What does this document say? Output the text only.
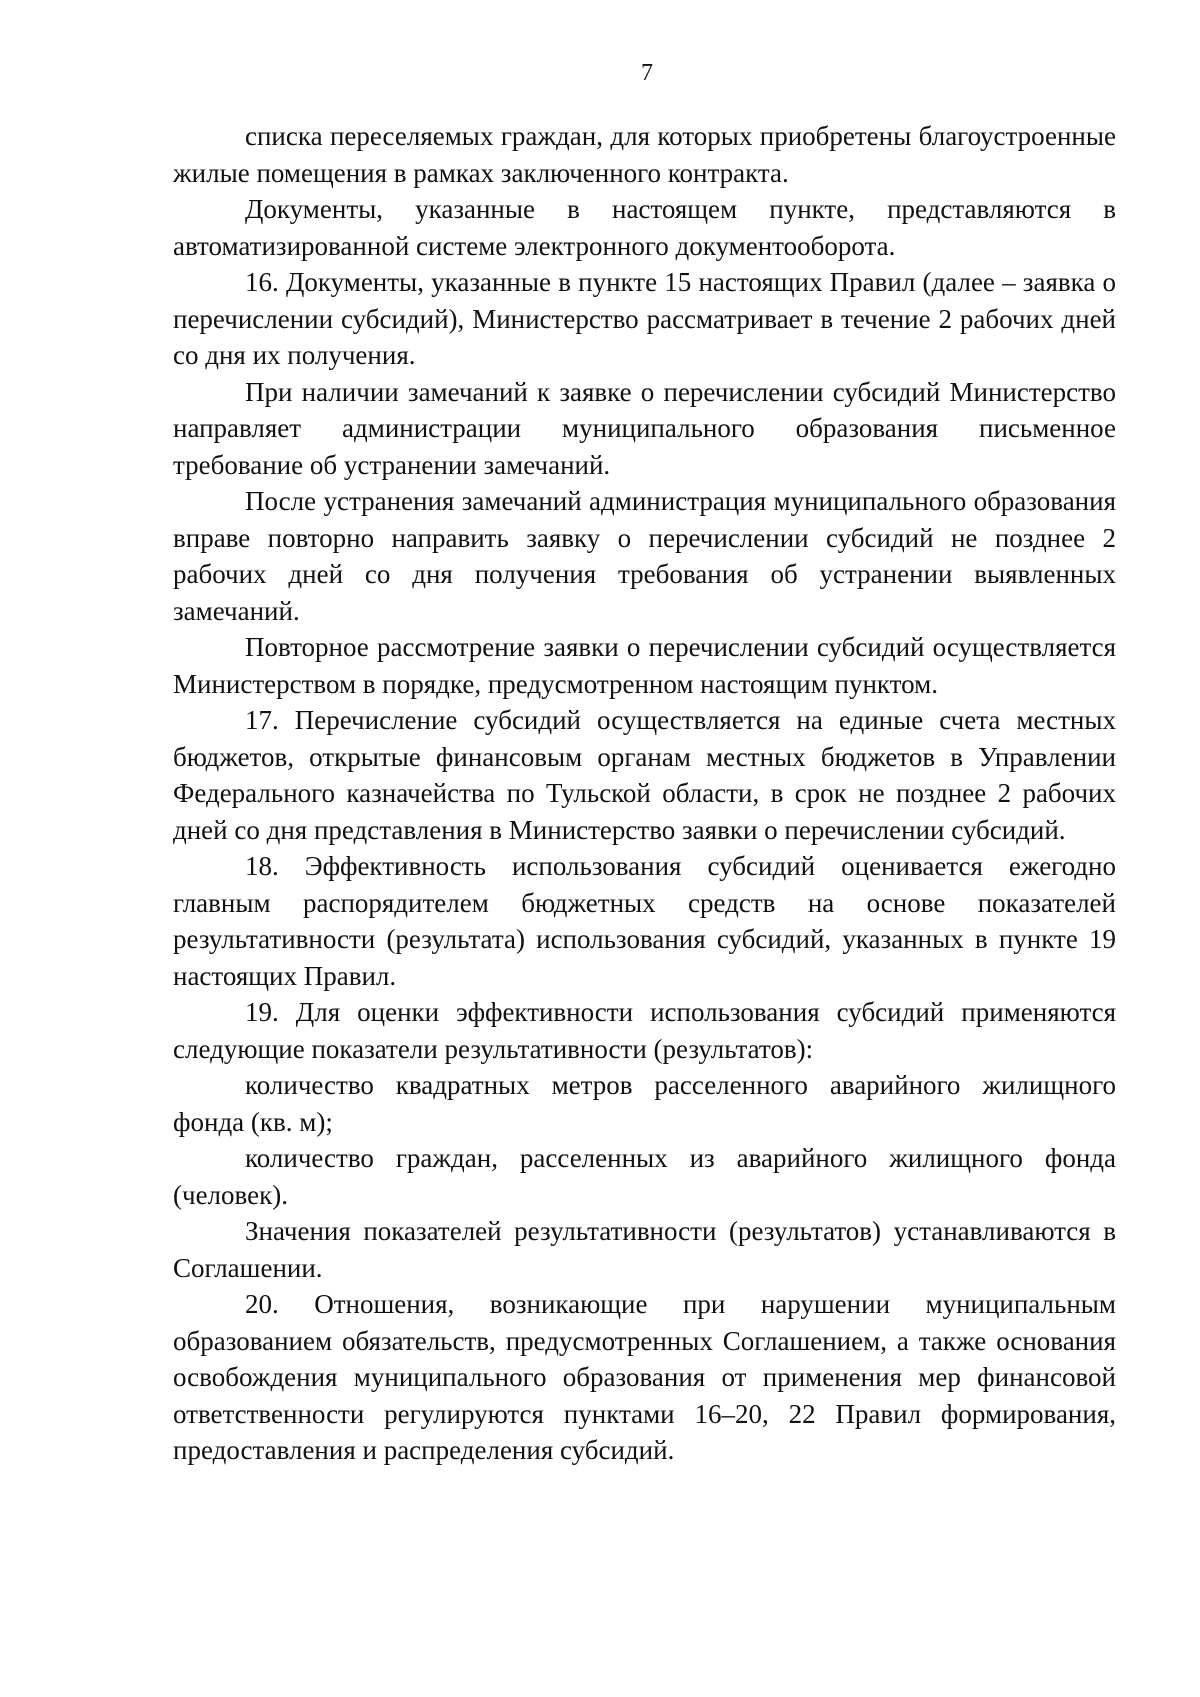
7

списка переселяемых граждан, для которых приобретены благоустроенные жилые помещения в рамках заключенного контракта.

Документы, указанные в настоящем пункте, представляются в автоматизированной системе электронного документооборота.

16. Документы, указанные в пункте 15 настоящих Правил (далее – заявка о перечислении субсидий), Министерство рассматривает в течение 2 рабочих дней со дня их получения.

При наличии замечаний к заявке о перечислении субсидий Министерство направляет администрации муниципального образования письменное требование об устранении замечаний.

После устранения замечаний администрация муниципального образования вправе повторно направить заявку о перечислении субсидий не позднее 2 рабочих дней со дня получения требования об устранении выявленных замечаний.

Повторное рассмотрение заявки о перечислении субсидий осуществляется Министерством в порядке, предусмотренном настоящим пунктом.

17. Перечисление субсидий осуществляется на единые счета местных бюджетов, открытые финансовым органам местных бюджетов в Управлении Федерального казначейства по Тульской области, в срок не позднее 2 рабочих дней со дня представления в Министерство заявки о перечислении субсидий.

18. Эффективность использования субсидий оценивается ежегодно главным распорядителем бюджетных средств на основе показателей результативности (результата) использования субсидий, указанных в пункте 19 настоящих Правил.

19. Для оценки эффективности использования субсидий применяются следующие показатели результативности (результатов):

количество квадратных метров расселенного аварийного жилищного фонда (кв. м);

количество граждан, расселенных из аварийного жилищного фонда (человек).

Значения показателей результативности (результатов) устанавливаются в Соглашении.

20. Отношения, возникающие при нарушении муниципальным образованием обязательств, предусмотренных Соглашением, а также основания освобождения муниципального образования от применения мер финансовой ответственности регулируются пунктами 16–20, 22 Правил формирования, предоставления и распределения субсидий.
